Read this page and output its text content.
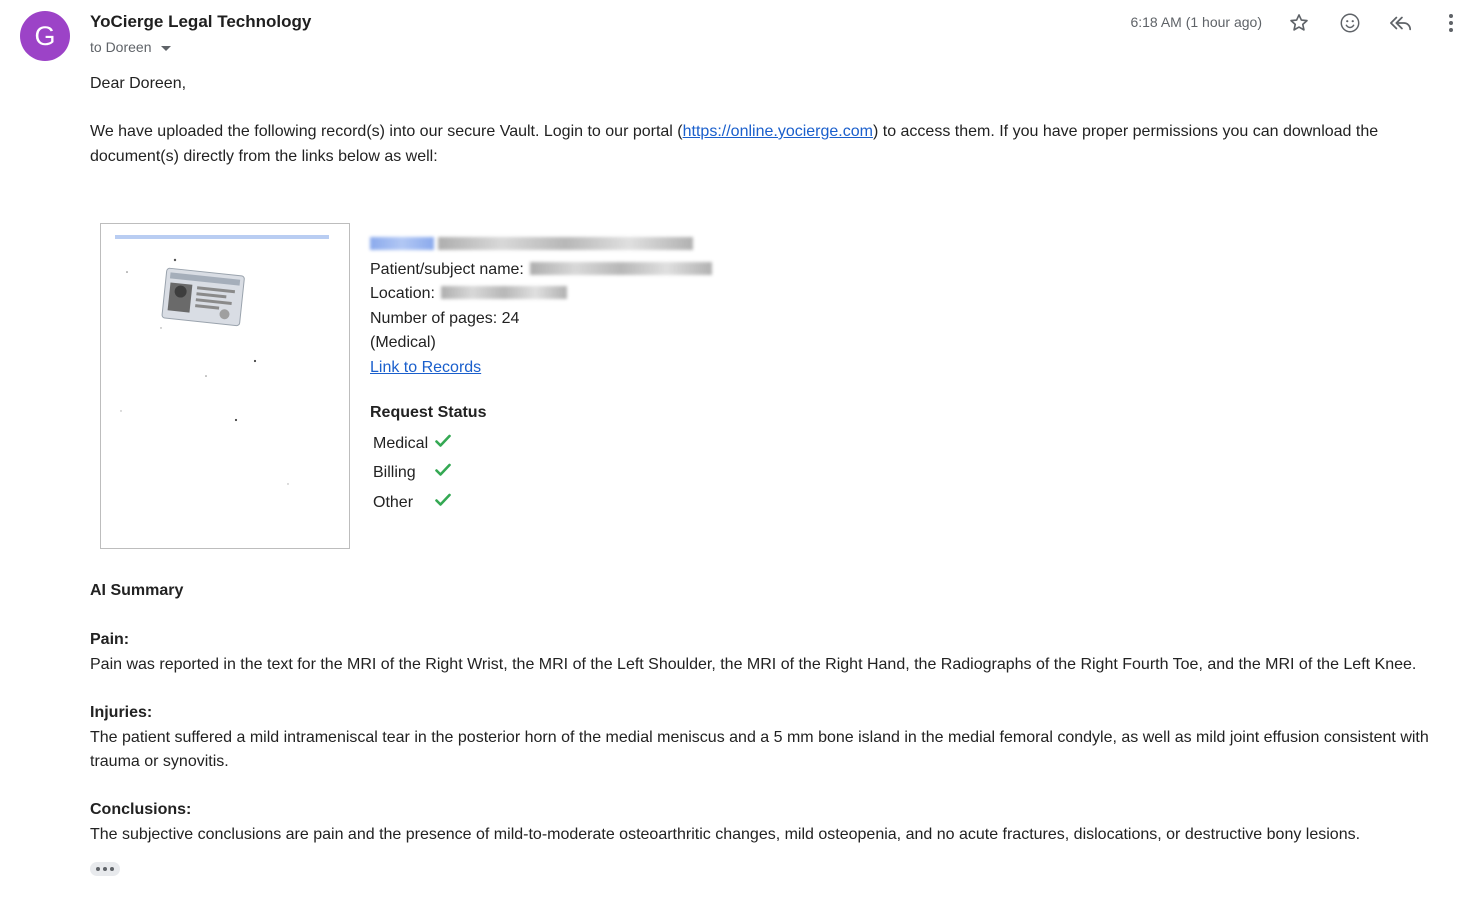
G	YoCierge Legal Technology
to Doreen
6:18 AM (1 hour ago)
Dear Doreen,
We have uploaded the following record(s) into our secure Vault. Login to our portal (https://online.yocierge.com) to access them. If you have proper permissions you can download the document(s) directly from the links below as well:
Patient/subject name:
Location:
Number of pages: 24
(Medical)
Link to Records
Request Status
Medical
Billing
Other
AI Summary
Pain:
Pain was reported in the text for the MRI of the Right Wrist, the MRI of the Left Shoulder, the MRI of the Right Hand, the Radiographs of the Right Fourth Toe, and the MRI of the Left Knee.
Injuries:
The patient suffered a mild intrameniscal tear in the posterior horn of the medial meniscus and a 5 mm bone island in the medial femoral condyle, as well as mild joint effusion consistent with trauma or synovitis.
Conclusions:
The subjective conclusions are pain and the presence of mild-to-moderate osteoarthritic changes, mild osteopenia, and no acute fractures, dislocations, or destructive bony lesions.
